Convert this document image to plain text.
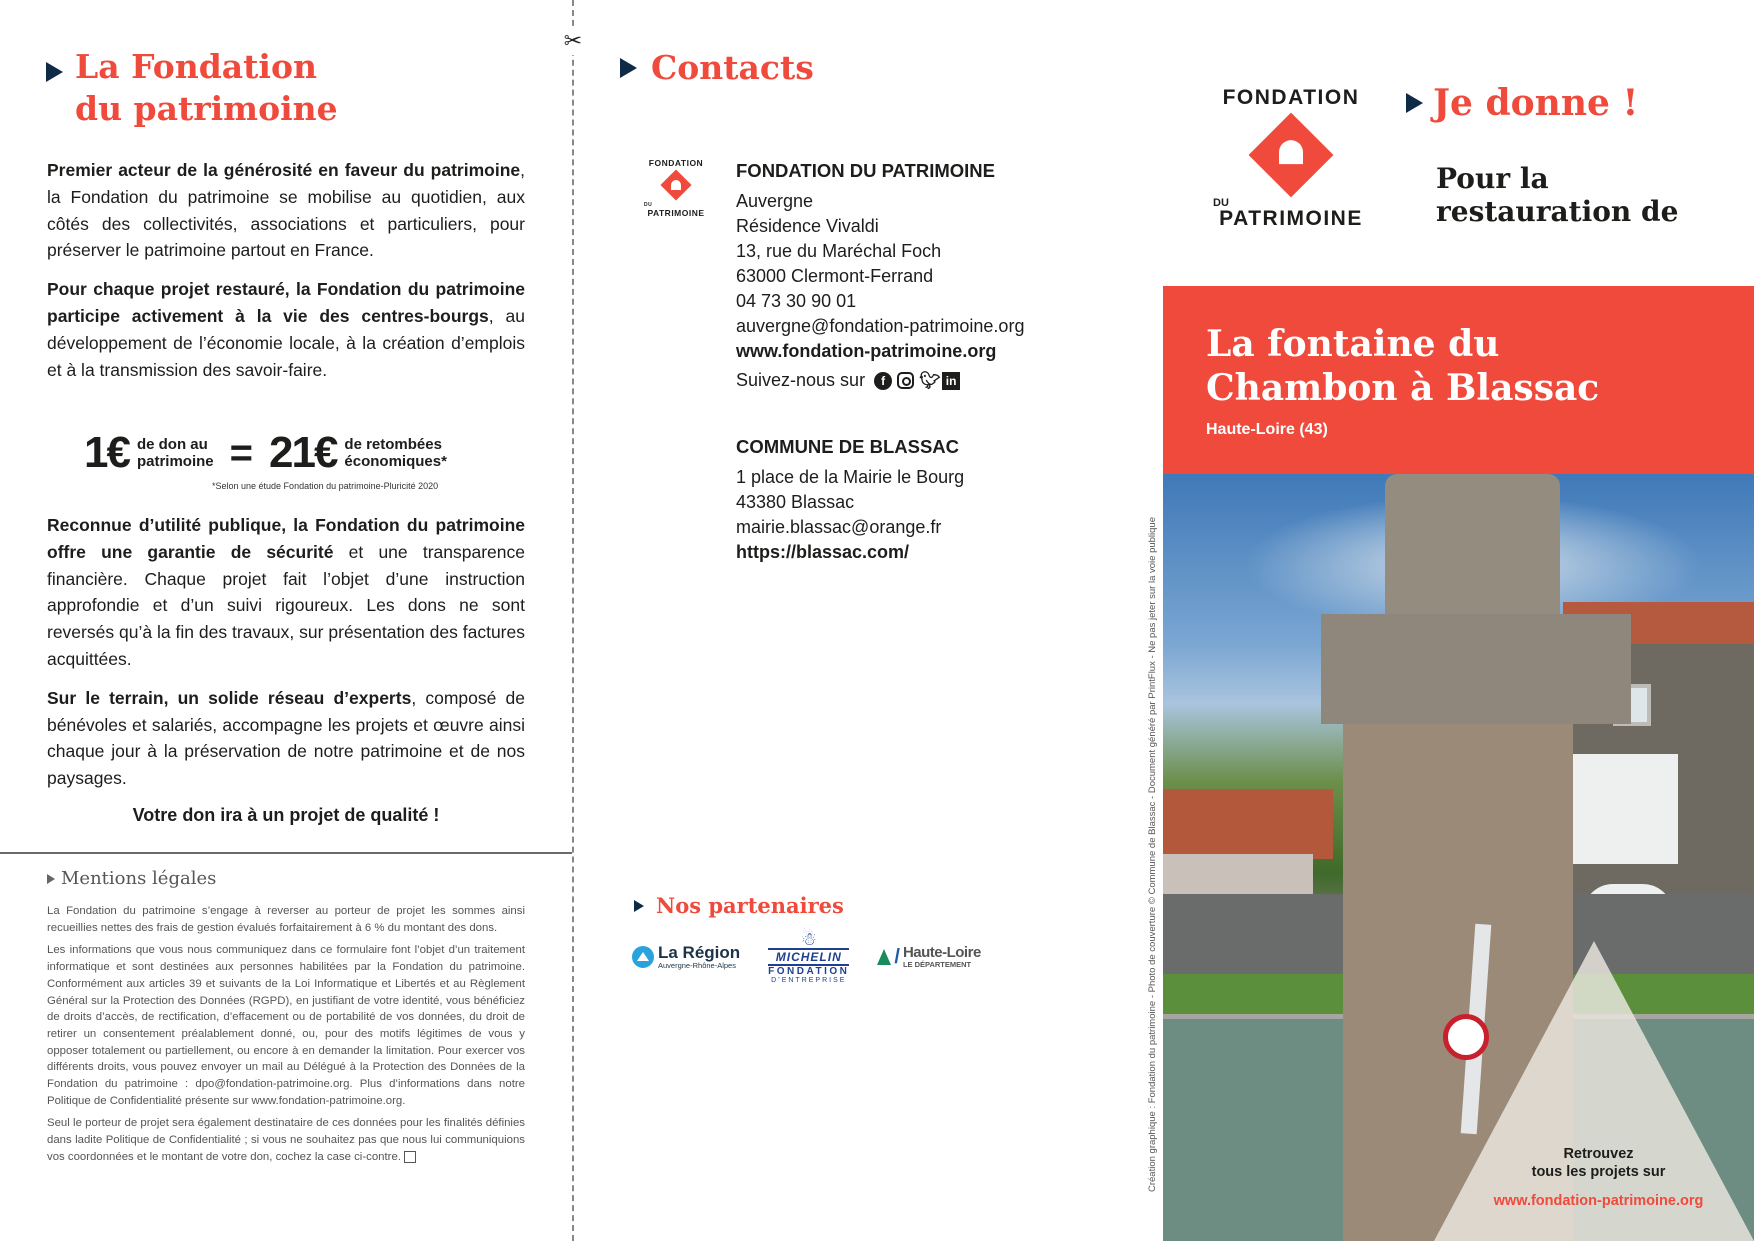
La Fondation
du patrimoine

Premier acteur de la générosité en faveur du patrimoine, la Fondation du patrimoine se mobilise au quotidien, aux côtés des collectivités, associations et particuliers, pour préserver le patrimoine partout en France.

Pour chaque projet restauré, la Fondation du patrimoine participe activement à la vie des centres-bourgs, au développement de l’économie locale, à la création d’emplois et à la transmission des savoir-faire.

1€ de don au
patrimoine = 21€ de retombées
économiques*
*Selon une étude Fondation du patrimoine-Pluricité 2020

Reconnue d’utilité publique, la Fondation du patrimoine offre une garantie de sécurité et une transparence financière. Chaque projet fait l’objet d’une instruction approfondie et d’un suivi rigoureux. Les dons ne sont reversés qu’à la fin des travaux, sur présentation des factures acquittées.

Sur le terrain, un solide réseau d’experts, composé de bénévoles et salariés, accompagne les projets et œuvre ainsi chaque jour à la préservation de notre patrimoine et de nos paysages.

Votre don ira à un projet de qualité !
Mentions légales

La Fondation du patrimoine s’engage à reverser au porteur de projet les sommes ainsi recueillies nettes des frais de gestion évalués forfaitairement à 6 % du montant des dons.

Les informations que vous nous communiquez dans ce formulaire font l’objet d’un traitement informatique et sont destinées aux personnes habilitées par la Fondation du patrimoine. Conformément aux articles 39 et suivants de la Loi Informatique et Libertés et au Règlement Général sur la Protection des Données (RGPD), en justifiant de votre identité, vous bénéficiez de droits d’accès, de rectification, d’effacement ou de portabilité de vos données, du droit de retirer un consentement préalablement donné, ou, pour des motifs légitimes de vous y opposer totalement ou partiellement, ou encore à en demander la limitation. Pour exercer vos différents droits, vous pouvez envoyer un mail au Délégué à la Protection des Données de la Fondation du patrimoine : dpo@fondation-patrimoine.org. Plus d’informations dans notre Politique de Confidentialité présente sur www.fondation-patrimoine.org.

Seul le porteur de projet sera également destinataire de ces données pour les finalités définies dans ladite Politique de Confidentialité ; si vous ne souhaitez pas que nous lui communiquions vos coordonnées et le montant de votre don, cochez la case ci-contre.

✂
Contacts
FONDATION
DU
PATRIMOINE
FONDATION DU PATRIMOINE
Auvergne
Résidence Vivaldi
13, rue du Maréchal Foch
63000 Clermont-Ferrand
04 73 30 90 01
auvergne@fondation-patrimoine.org
www.fondation-patrimoine.org
Suivez-nous sur	f	🐦︎ in
COMMUNE DE BLASSAC
1 place de la Mairie le Bourg
43380 Blassac
mairie.blassac@orange.fr
https://blassac.com/
Nos partenaires
La Région
Auvergne-Rhône-Alpes
☃
MICHELIN
FONDATION
D’ENTREPRISE
/ Haute-Loire
LE DÉPARTEMENT	Création graphique : Fondation du patrimoine - Photo de couverture © Commune de Blassac - Document généré par PrintFlux - Ne pas jeter sur la voie publique
FONDATION
DU
PATRIMOINE
Je donne !
Pour la
restauration de
La fontaine du
Chambon à Blassac
Haute-Loire (43)
Retrouvez
tous les projets sur
www.fondation-patrimoine.org
